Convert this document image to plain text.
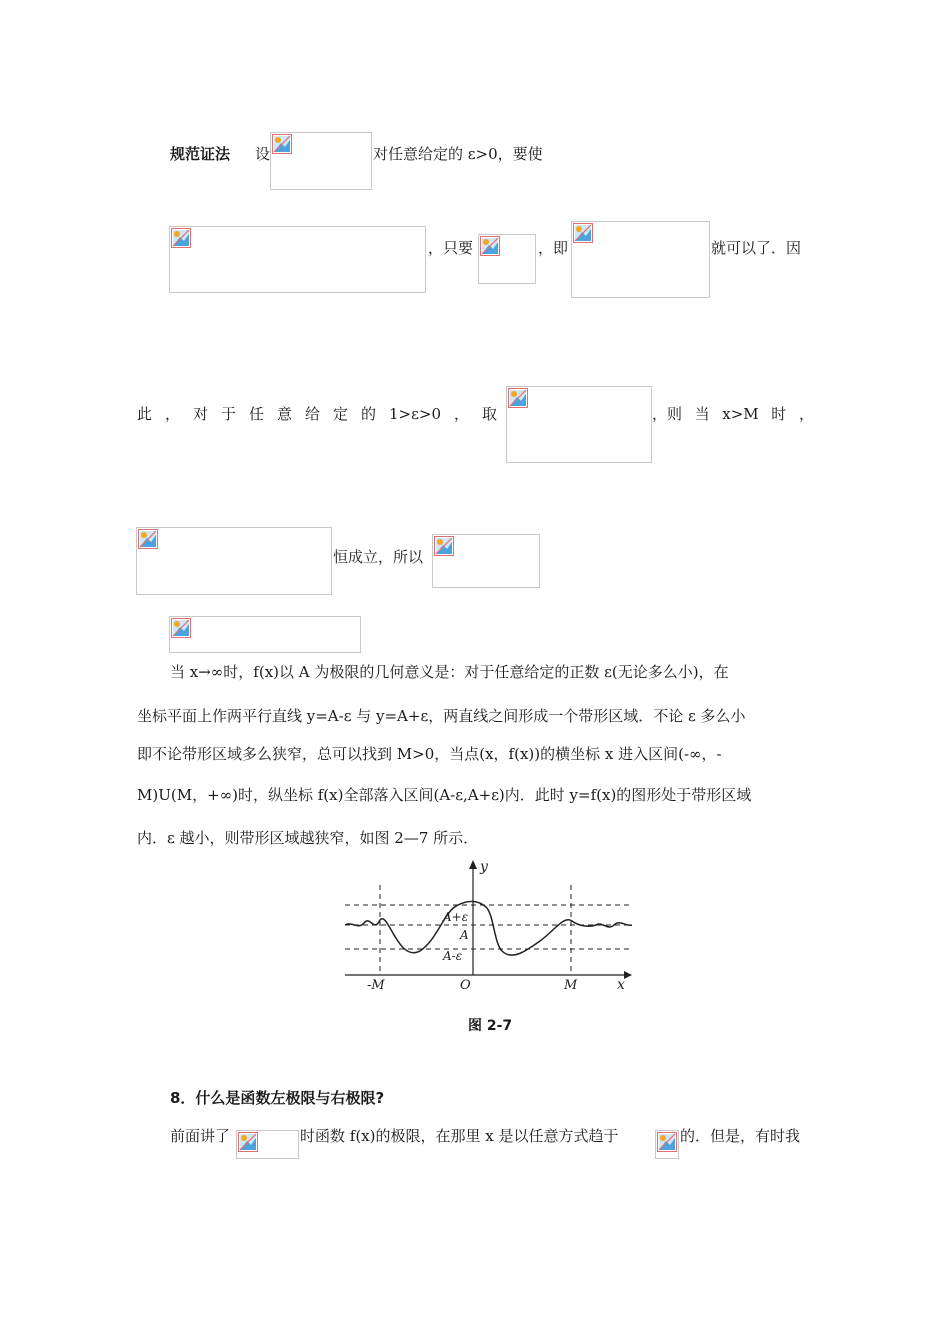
规范证法 设	对任意给定的 ε>0，要使
，只要	，即	就可以了．因
此 ， 对 于 任 意 给 定 的 1>ε>0 ， 取	，则 当 x>M 时 ，
恒成立，所以
当 x→∞时，f(x)以 A 为极限的几何意义是：对于任意给定的正数 ε(无论多么小)，在
坐标平面上作两平行直线 y=A-ε 与 y=A+ε，两直线之间形成一个带形区域．不论 ε 多么小
即不论带形区域多么狭窄，总可以找到 M>0，当点(x，f(x))的横坐标 x 进入区间(-∞，-
M)U(M，+∞)时，纵坐标 f(x)全部落入区间(A-ε,A+ε)内．此时 y=f(x)的图形处于带形区域
内．ε 越小，则带形区域越狭窄，如图 2—7 所示．
y
x
A+ε
A
A-ε
-M	O	M
图 2-7
8．什么是函数左极限与右极限?
前面讲了	时函数 f(x)的极限，在那里 x 是以任意方式趋于	的．但是，有时我
